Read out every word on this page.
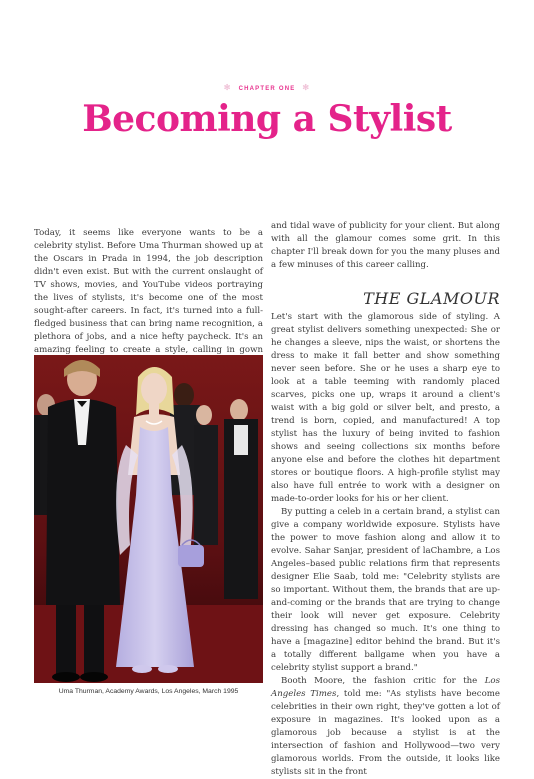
✻ CHAPTER ONE ✻
Becoming a Stylist

Today, it seems like everyone wants to be a celebrity stylist. Before Uma Thurman showed up at the Oscars in Prada in 1994, the job description didn't even exist. But with the current onslaught of TV shows, movies, and YouTube videos portraying the lives of stylists, it's become one of the most sought-after careers. In fact, it's turned into a full-fledged business that can bring name recognition, a plethora of jobs, and a nice hefty paycheck. It's an amazing feeling to create a style, calling in gown

and tidal wave of publicity for your client. But along with all the glamour comes some grit. In this chapter I'll break down for you the many pluses and a few minuses of this career calling.

THE GLAMOUR

Let's start with the glamorous side of styling. A great stylist delivers something unexpected: She or he changes a sleeve, nips the waist, or shortens the dress to make it fall better and show something never seen before. She or he uses a sharp eye to look at a table teeming with randomly placed scarves, picks one up, wraps it around a client's waist with a big gold or silver belt, and presto, a trend is born, copied, and manufactured! A top stylist has the luxury of being invited to fashion shows and seeing collections six months before anyone else and before the clothes hit department stores or boutique floors. A high-profile stylist may also have full entrée to work with a designer on made-to-order looks for his or her client.

By putting a celeb in a certain brand, a stylist can give a company worldwide exposure. Stylists have the power to move fashion along and allow it to evolve. Sahar Sanjar, president of laChambre, a Los Angeles–based public relations firm that represents designer Elie Saab, told me: "Celebrity stylists are so important. Without them, the brands that are up-and-coming or the brands that are trying to change their look will never get exposure. Celebrity dressing has changed so much. It's one thing to have a [magazine] editor behind the brand. But it's a totally different ballgame when you have a celebrity stylist support a brand."

Booth Moore, the fashion critic for the Los Angeles Times, told me: "As stylists have become celebrities in their own right, they've gotten a lot of exposure in magazines. It's looked upon as a glamorous job because a stylist is at the intersection of fashion and Hollywood—two very glamorous worlds. From the outside, it looks like stylists sit in the front

Uma Thurman, Academy Awards, Los Angeles, March 1995
